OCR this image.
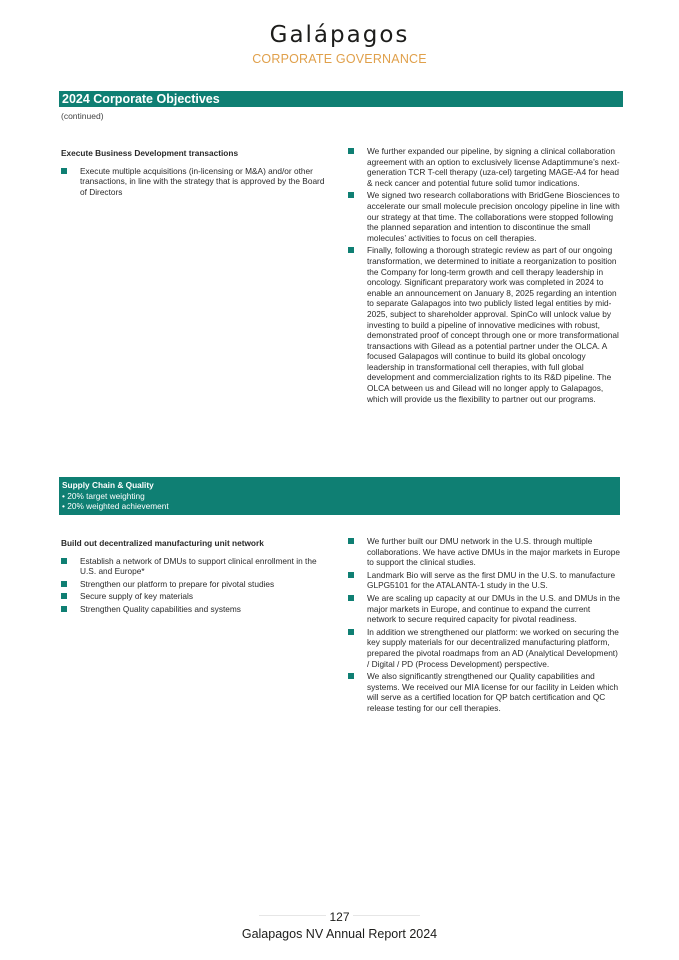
Galápagos
CORPORATE GOVERNANCE
2024 Corporate Objectives
(continued)
Execute Business Development transactions
Execute multiple acquisitions (in-licensing or M&A) and/or other transactions, in line with the strategy that is approved by the Board of Directors
We further expanded our pipeline, by signing a clinical collaboration agreement with an option to exclusively license Adaptimmune’s next-generation TCR T-cell therapy (uza-cel) targeting MAGE-A4 for head & neck cancer and potential future solid tumor indications.
We signed two research collaborations with BridGene Biosciences to accelerate our small molecule precision oncology pipeline in line with our strategy at that time. The collaborations were stopped following the planned separation and intention to discontinue the small molecules’ activities to focus on cell therapies.
Finally, following a thorough strategic review as part of our ongoing transformation, we determined to initiate a reorganization to position the Company for long-term growth and cell therapy leadership in oncology. Significant preparatory work was completed in 2024 to enable an announcement on January 8, 2025 regarding an intention to separate Galapagos into two publicly listed legal entities by mid-2025, subject to shareholder approval. SpinCo will unlock value by investing to build a pipeline of innovative medicines with robust, demonstrated proof of concept through one or more transformational transactions with Gilead as a potential partner under the OLCA. A focused Galapagos will continue to build its global oncology leadership in transformational cell therapies, with full global development and commercialization rights to its R&D pipeline. The OLCA between us and Gilead will no longer apply to Galapagos, which will provide us the flexibility to partner out our programs.
Supply Chain & Quality
• 20% target weighting
• 20% weighted achievement
Build out decentralized manufacturing unit network
Establish a network of DMUs to support clinical enrollment in the U.S. and Europe*
Strengthen our platform to prepare for pivotal studies
Secure supply of key materials
Strengthen Quality capabilities and systems
We further built our DMU network in the U.S. through multiple collaborations. We have active DMUs in the major markets in Europe to support the clinical studies.
Landmark Bio will serve as the first DMU in the U.S. to manufacture GLPG5101 for the ATALANTA-1 study in the U.S.
We are scaling up capacity at our DMUs in the U.S. and DMUs in the major markets in Europe, and continue to expand the current network to secure required capacity for pivotal readiness.
In addition we strengthened our platform: we worked on securing the key supply materials for our decentralized manufacturing platform, prepared the pivotal roadmaps from an AD (Analytical Development) / Digital / PD (Process Development) perspective.
We also significantly strengthened our Quality capabilities and systems. We received our MIA license for our facility in Leiden which will serve as a certified location for QP batch certification and QC release testing for our cell therapies.
127
Galapagos NV Annual Report 2024
